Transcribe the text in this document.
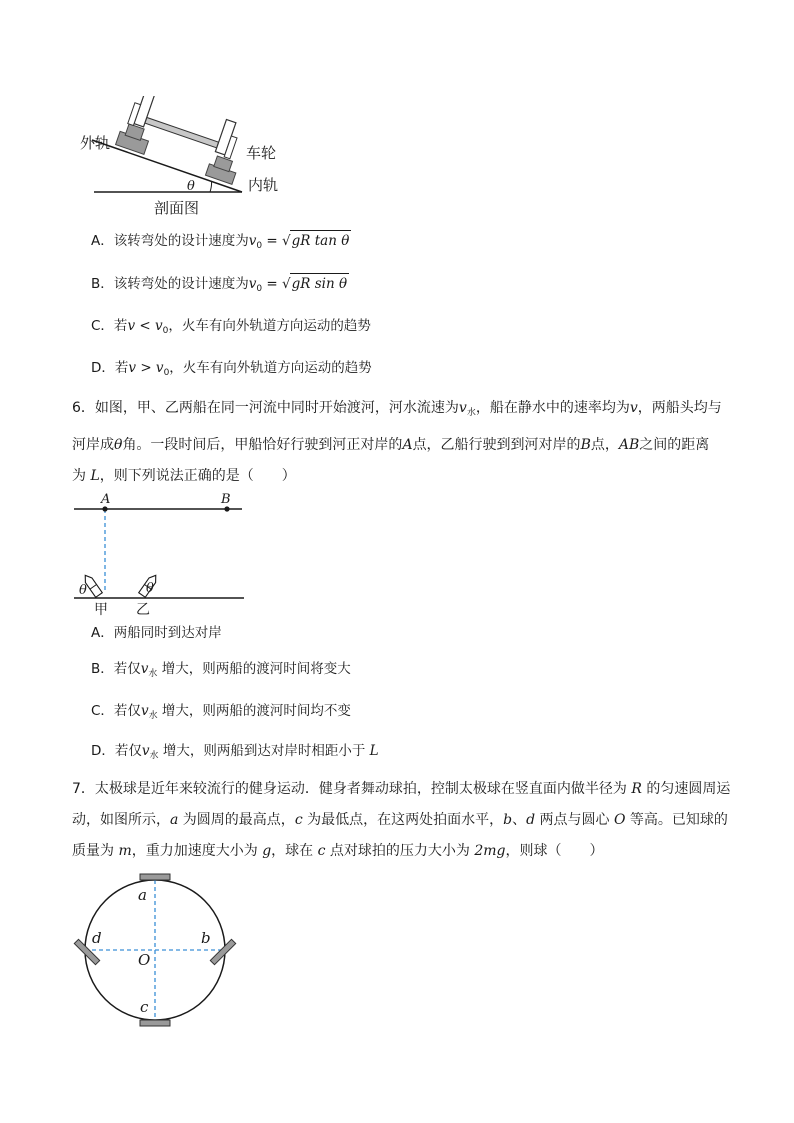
外轨
车轮
内轨
θ
剖面图
A．该转弯处的设计速度为$v_0 = √gR$ tan θ
B．该转弯处的设计速度为$v_0 = √gR$ sin θ
C．若$v < v_0$，火车有向外轨道方向运动的趋势
D．若$v > v_0$，火车有向外轨道方向运动的趋势
6．如图，甲、乙两船在同一河流中同时开始渡河，河水流速为$v_水$，船在静水中的速率均为v，两船头均与
河岸成θ角。一段时间后，甲船恰好行驶到河正对岸的A点，乙船行驶到到河对岸的B点，AB之间的距离
为 L，则下列说法正确的是（　　）
A	B
θ	θ
甲 乙
A．两船同时到达对岸
B．若仅$v_水$ 增大，则两船的渡河时间将变大
C．若仅$v_水$ 增大，则两船的渡河时间均不变
D．若仅$v_水$ 增大，则两船到达对岸时相距小于 L
7．太极球是近年来较流行的健身运动．健身者舞动球拍，控制太极球在竖直面内做半径为 R 的匀速圆周运
动，如图所示，a 为圆周的最高点，c 为最低点，在这两处拍面水平，b、d 两点与圆心 O 等高。已知球的
质量为 m，重力加速度大小为 g，球在 c 点对球拍的压力大小为 2mg，则球（　　）
a
b
c
d
O
